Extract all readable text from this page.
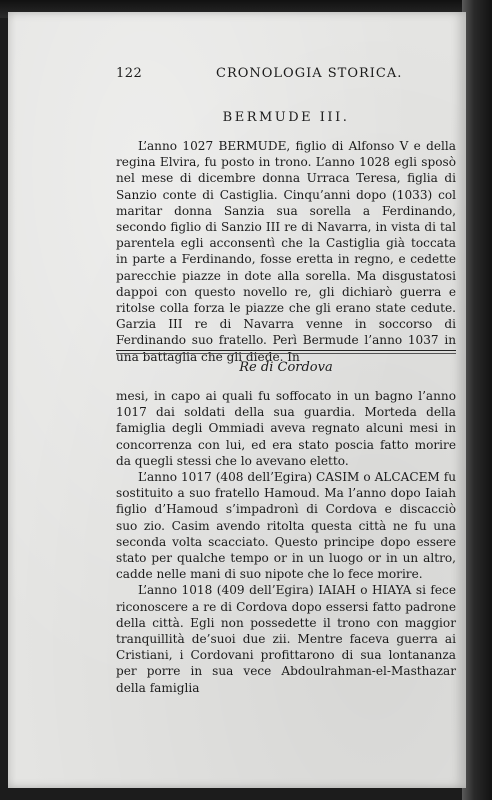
122	CRONOLOGIA STORICA.
BERMUDE III.

L’anno 1027 BERMUDE, figlio di Alfonso V e della regina Elvira, fu posto in trono. L’anno 1028 egli sposò nel mese di dicembre donna Urraca Teresa, figlia di Sanzio conte di Castiglia. Cinqu’anni dopo (1033) col maritar donna Sanzia sua sorella a Ferdinando, secondo figlio di Sanzio III re di Navarra, in vista di tal parentela egli acconsentì che la Castiglia già toccata in parte a Ferdinando, fosse eretta in regno, e cedette parecchie piazze in dote alla sorella. Ma disgustatosi dappoi con questo novello re, gli dichiarò guerra e ritolse colla forza le piazze che gli erano state cedute. Garzia III re di Navarra venne in soccorso di Ferdinando suo fratello. Perì Bermude l’anno 1037 in una battaglia che gli diede. In

Re di Cordova

mesi, in capo ai quali fu soffocato in un bagno l’anno 1017 dai soldati della sua guardia. Morteda della famiglia degli Ommiadi aveva regnato alcuni mesi in concorrenza con lui, ed era stato poscia fatto morire da quegli stessi che lo avevano eletto.

L’anno 1017 (408 dell’Egira) CASIM o ALCACEM fu sostituito a suo fratello Hamoud. Ma l’anno dopo Iaiah figlio d’Hamoud s’impadronì di Cordova e discacciò suo zio. Casim avendo ritolta questa città ne fu una seconda volta scacciato. Questo principe dopo essere stato per qualche tempo or in un luogo or in un altro, cadde nelle mani di suo nipote che lo fece morire.

L’anno 1018 (409 dell’Egira) IAIAH o HIAYA si fece riconoscere a re di Cordova dopo essersi fatto padrone della città. Egli non possedette il trono con maggior tranquillità de’suoi due zii. Mentre faceva guerra ai Cristiani, i Cordovani profittarono di sua lontananza per porre in sua vece Abdoulrahman-el-Masthazar della famiglia
